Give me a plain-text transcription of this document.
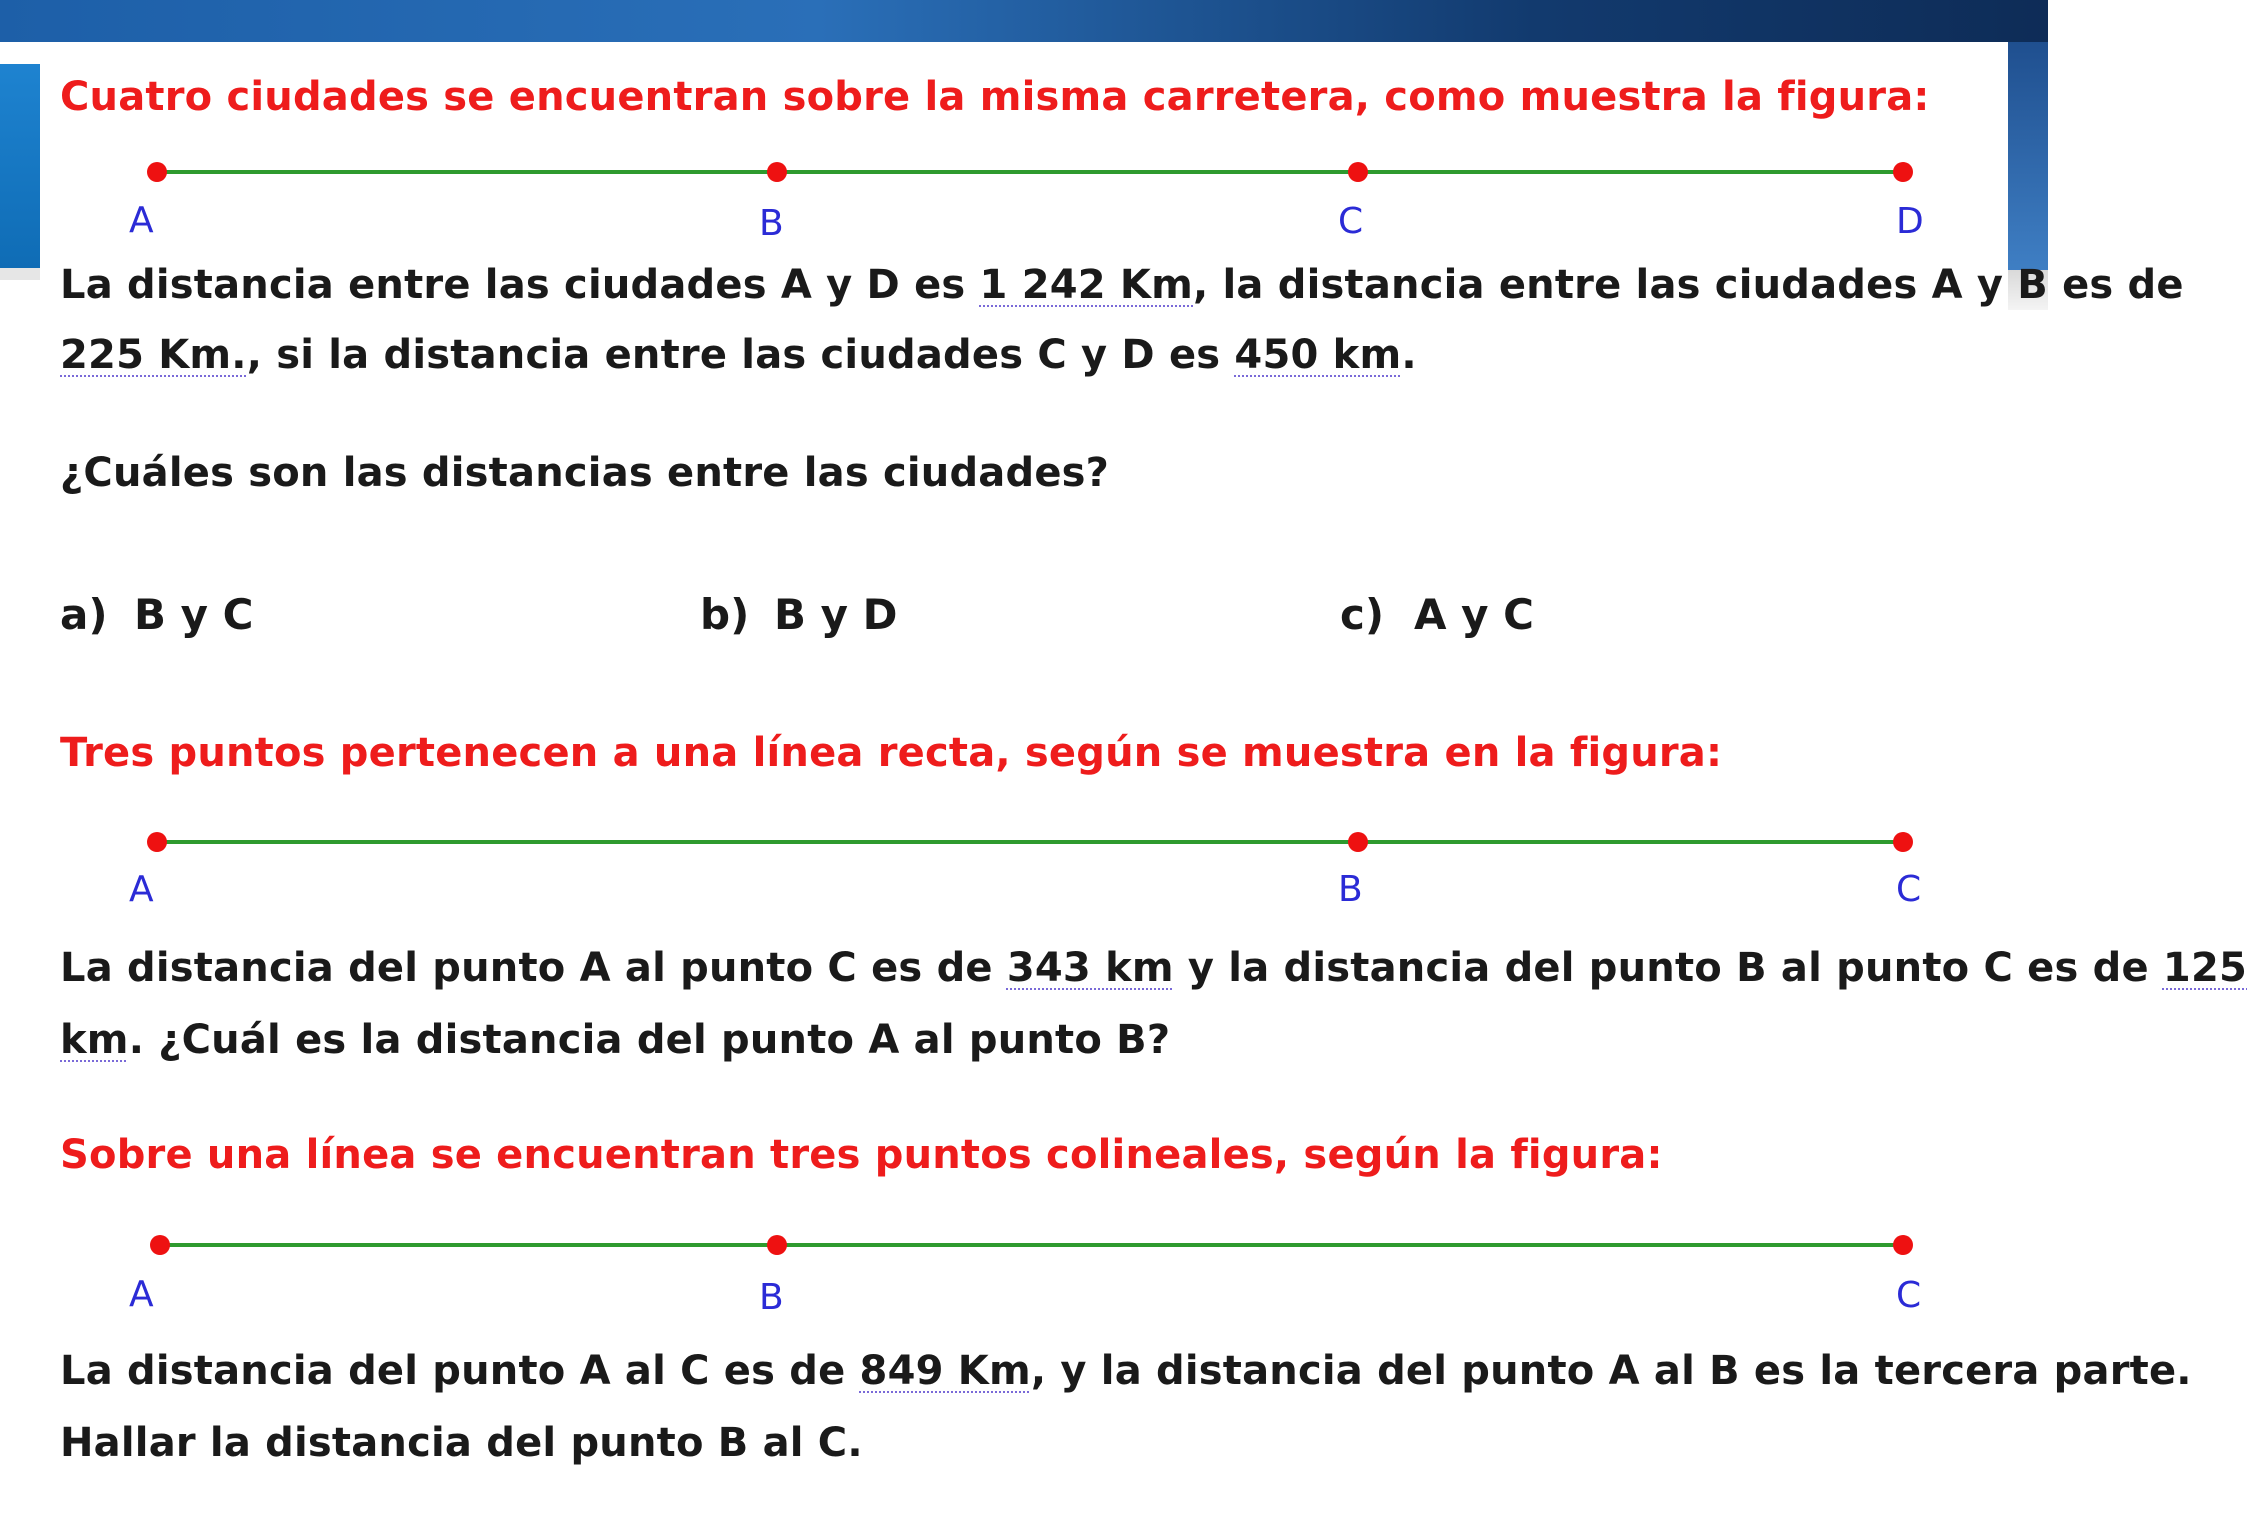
Cuatro ciudades se encuentran sobre la misma carretera, como muestra la figura:

A	B	C	D

La distancia entre las ciudades A y D es 1 242 Km, la distancia entre las ciudades A y B es de

225 Km., si la distancia entre las ciudades C y D es 450 km.

¿Cuáles son las distancias entre las ciudades?

a) B y C	b) B y D	c) A y C

Tres puntos pertenecen a una línea recta, según se muestra en la figura:

A	B	C

La distancia del punto A al punto C es de 343 km y la distancia del punto B al punto C es de 125

km. ¿Cuál es la distancia del punto A al punto B?

Sobre una línea se encuentran tres puntos colineales, según la figura:

A	B	C

La distancia del punto A al C es de 849 Km, y la distancia del punto A al B es la tercera parte.

Hallar la distancia del punto B al C.
